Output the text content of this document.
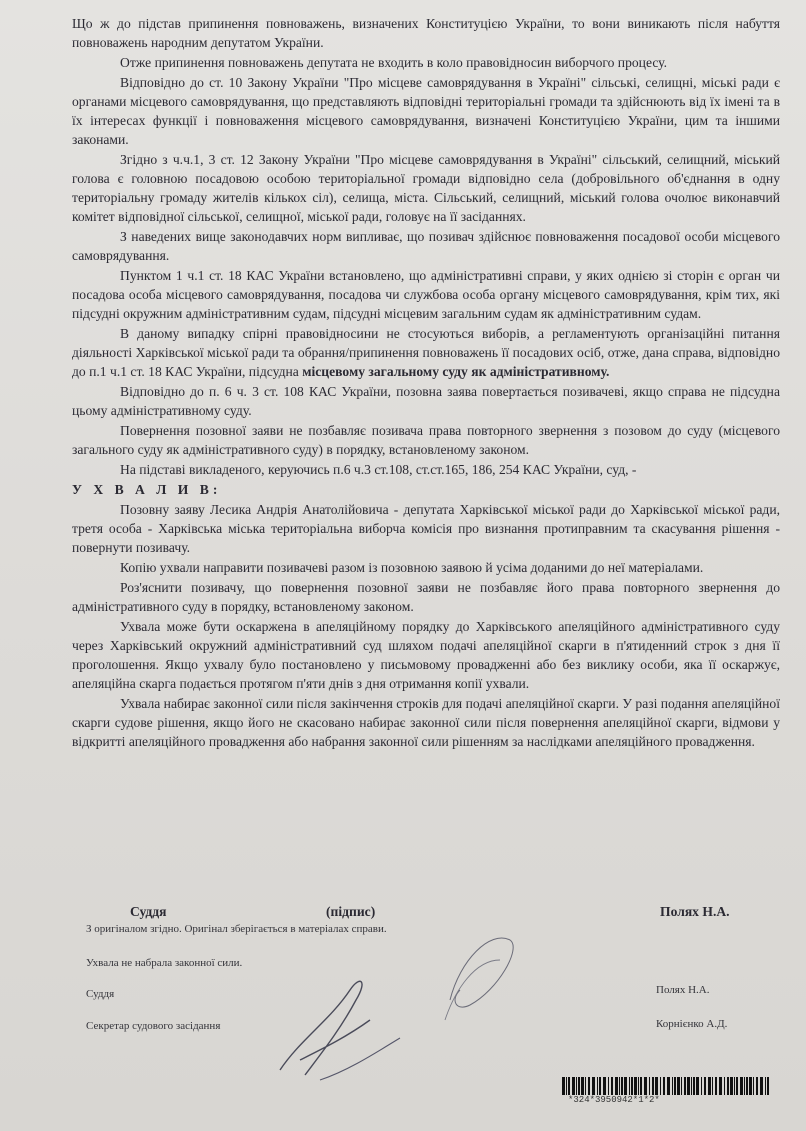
Що ж до підстав припинення повноважень, визначених Конституцією України, то вони виникають після набуття повноважень народним депутатом України.

Отже припинення повноважень депутата не входить в коло правовідносин виборчого процесу.

Відповідно до ст. 10 Закону України "Про місцеве самоврядування в Україні" сільські, селищні, міські ради є органами місцевого самоврядування, що представляють відповідні територіальні громади та здійснюють від їх імені та в їх інтересах функції і повноваження місцевого самоврядування, визначені Конституцією України, цим та іншими законами.

Згідно з ч.ч.1, 3 ст. 12 Закону України "Про місцеве самоврядування в Україні" сільський, селищний, міський голова є головною посадовою особою територіальної громади відповідно села (добровільного об'єднання в одну територіальну громаду жителів кількох сіл), селища, міста. Сільський, селищний, міський голова очолює виконавчий комітет відповідної сільської, селищної, міської ради, головує на її засіданнях.

З наведених вище законодавчих норм випливає, що позивач здійснює повноваження посадової особи місцевого самоврядування.

Пунктом 1 ч.1 ст. 18 КАС України встановлено, що адміністративні справи, у яких однією зі сторін є орган чи посадова особа місцевого самоврядування, посадова чи службова особа органу місцевого самоврядування, крім тих, які підсудні окружним адміністративним судам, підсудні місцевим загальним судам як адміністративним судам.

В даному випадку спірні правовідносини не стосуються виборів, а регламентують організаційні питання діяльності Харківської міської ради та обрання/припинення повноважень її посадових осіб, отже, дана справа, відповідно до п.1 ч.1 ст. 18 КАС України, підсудна місцевому загальному суду як адміністративному.

Відповідно до п. 6 ч. 3 ст. 108 КАС України, позовна заява повертається позивачеві, якщо справа не підсудна цьому адміністративному суду.

Повернення позовної заяви не позбавляє позивача права повторного звернення з позовом до суду (місцевого загального суду як адміністративного суду) в порядку, встановленому законом.

На підставі викладеного, керуючись п.6 ч.3 ст.108, ст.ст.165, 186, 254 КАС України, суд, -

У Х В А Л И В:

Позовну заяву Лесика Андрія Анатолійовича - депутата Харківської міської ради до Харківської міської ради, третя особа - Харківська міська територіальна виборча комісія про визнання протиправним та скасування рішення - повернути позивачу.

Копію ухвали направити позивачеві разом із позовною заявою й усіма доданими до неї матеріалами.

Роз'яснити позивачу, що повернення позовної заяви не позбавляє його права повторного звернення до адміністративного суду в порядку, встановленому законом.

Ухвала може бути оскаржена в апеляційному порядку до Харківського апеляційного адміністративного суду через Харківський окружний адміністративний суд шляхом подачі апеляційної скарги в п'ятиденний строк з дня її проголошення. Якщо ухвалу було постановлено у письмовому провадженні або без виклику особи, яка її оскаржує, апеляційна скарга подається протягом п'яти днів з дня отримання копії ухвали.

Ухвала набирає законної сили після закінчення строків для подачі апеляційної скарги. У разі подання апеляційної скарги судове рішення, якщо його не скасовано набирає законної сили після повернення апеляційної скарги, відмови у відкритті апеляційного провадження або набрання законної сили рішенням за наслідками апеляційного провадження.

Суддя	(підпис)	Полях Н.А.
З оригіналом згідно. Оригінал зберігається в матеріалах справи.
Ухвала не набрала законної сили.
Суддя	Полях Н.А.
Секретар судового засідання	Корнієнко А.Д.
*324*3950942*1*2*
